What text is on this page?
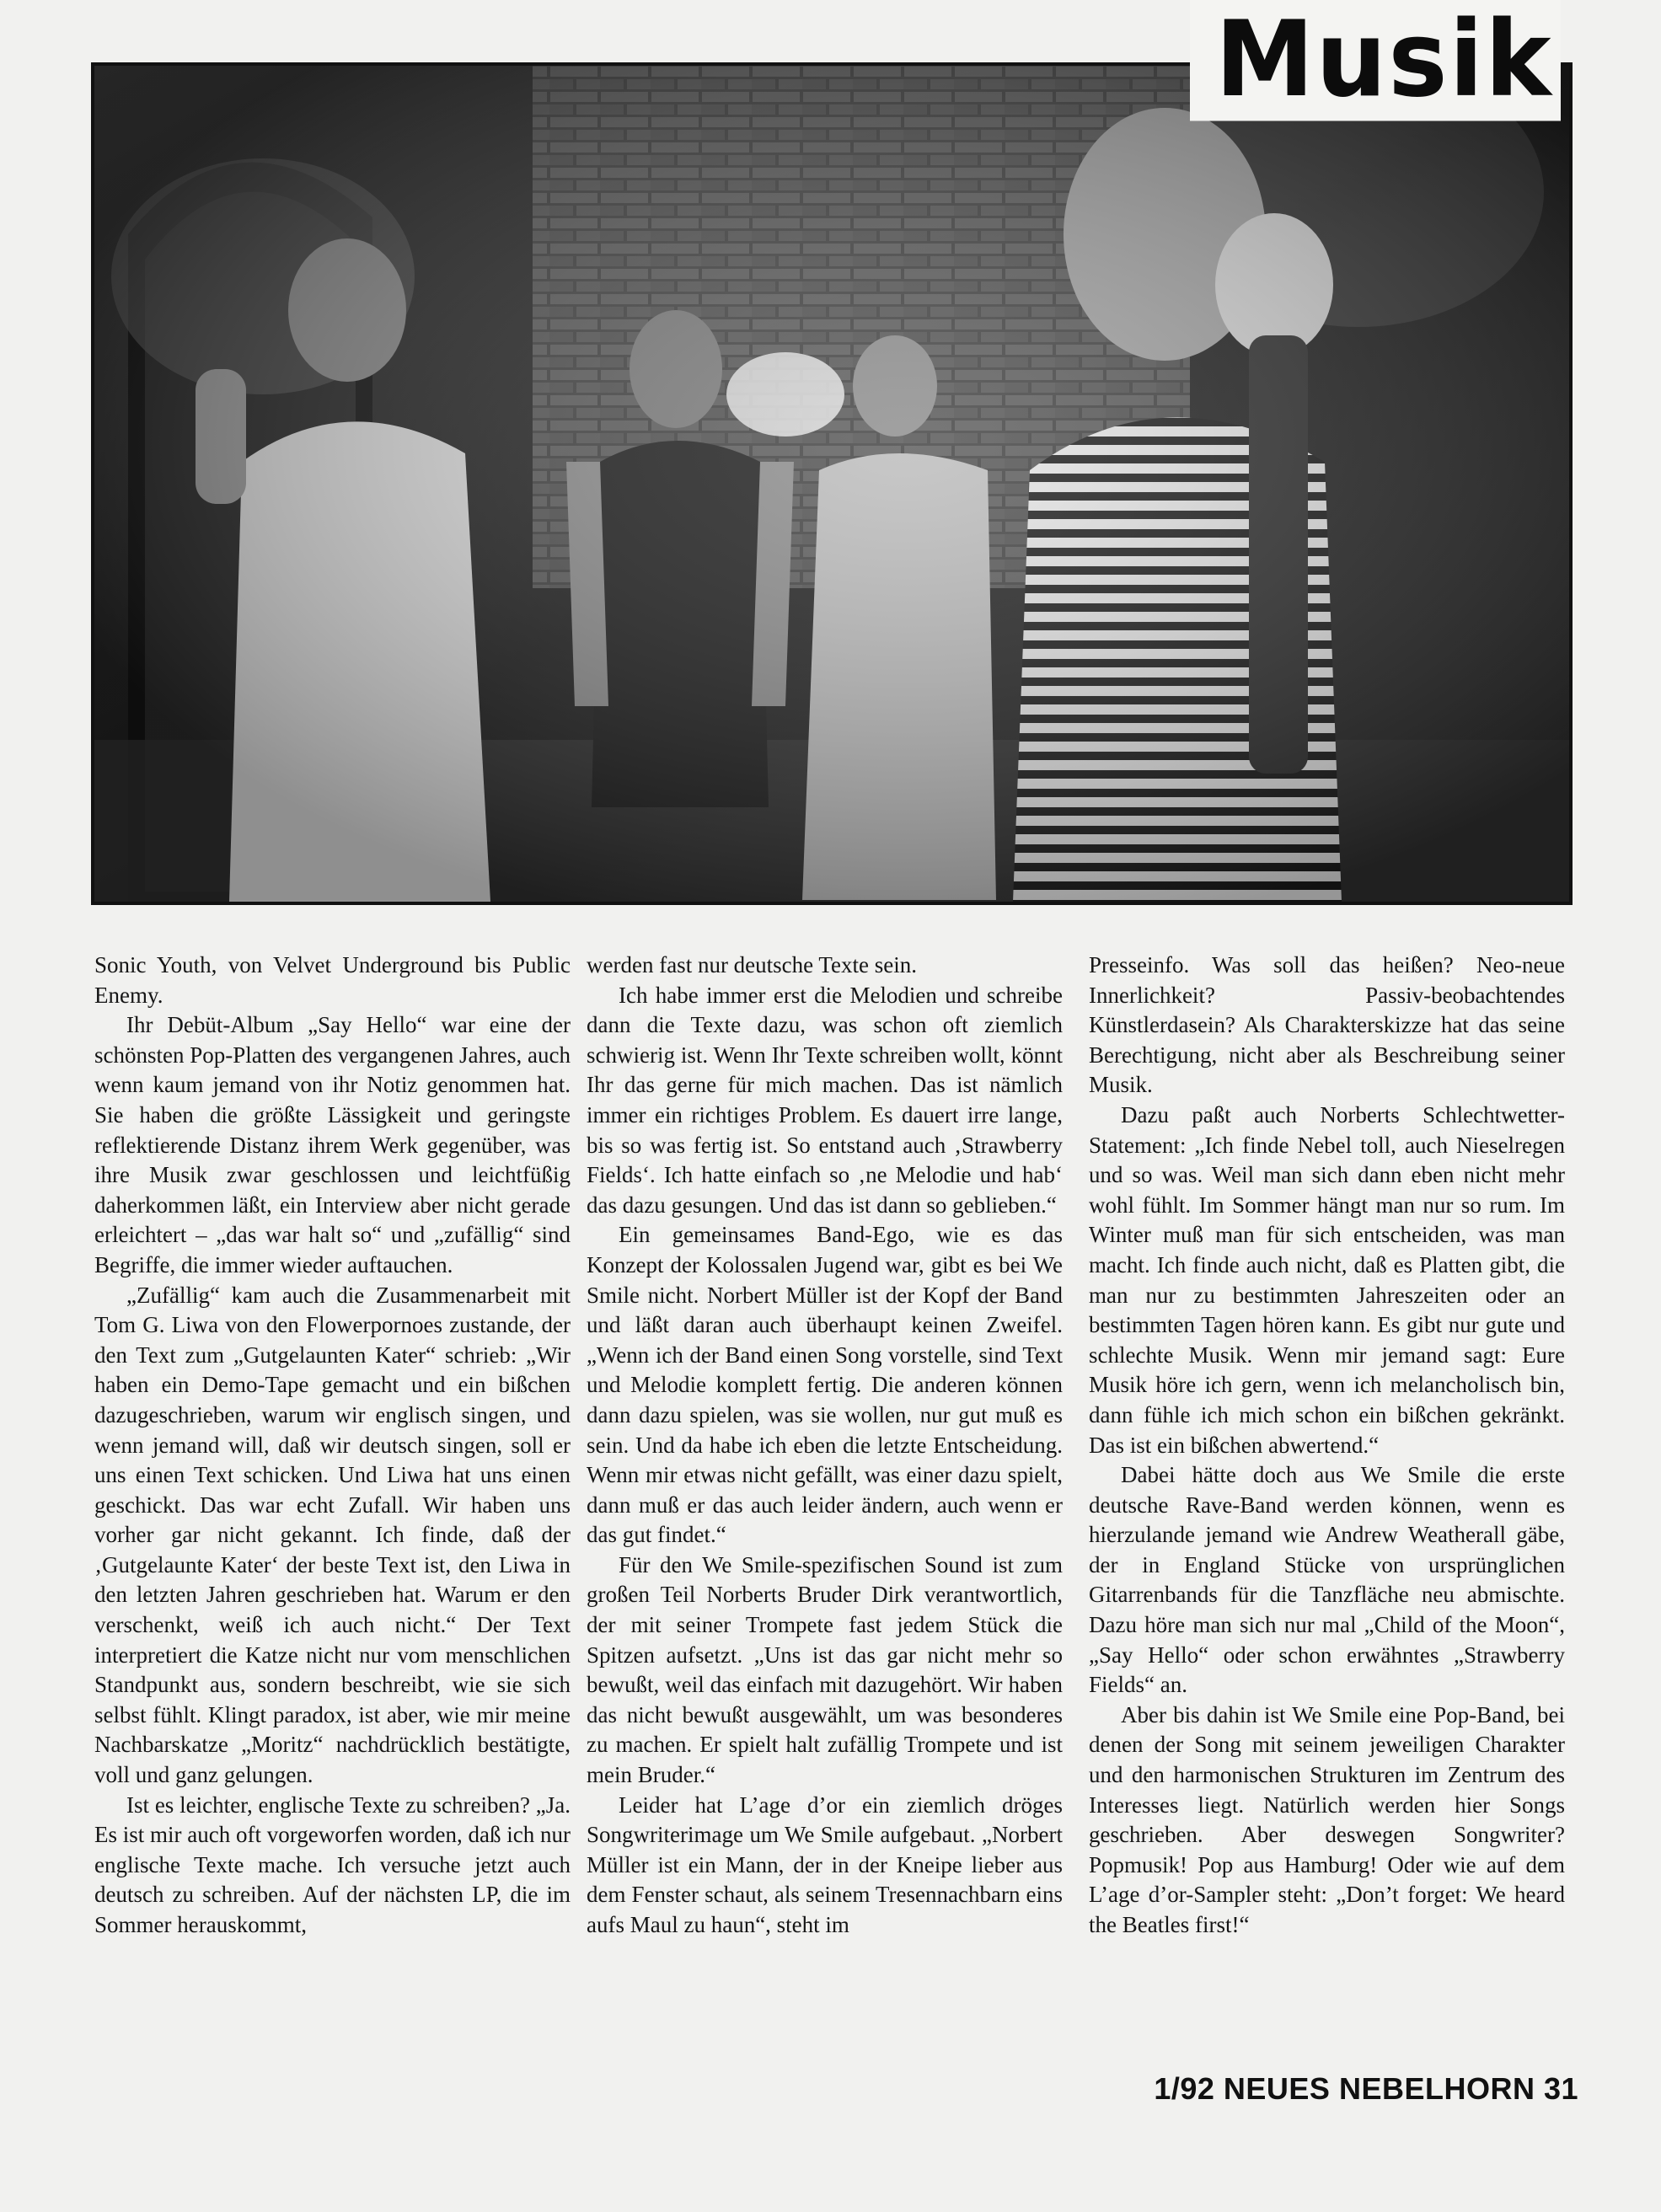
Musik

Sonic Youth, von Velvet Underground bis Public Enemy.

Ihr Debüt-Album „Say Hello“ war eine der schönsten Pop-Platten des vergangenen Jahres, auch wenn kaum jemand von ihr Notiz genommen hat. Sie haben die größte Lässigkeit und geringste reflektierende Distanz ihrem Werk gegenüber, was ihre Musik zwar geschlossen und leichtfüßig daherkommen läßt, ein Interview aber nicht gerade erleichtert – „das war halt so“ und „zufällig“ sind Begriffe, die immer wieder auftauchen.

„Zufällig“ kam auch die Zusammenarbeit mit Tom G. Liwa von den Flowerpornoes zustande, der den Text zum „Gutgelaunten Kater“ schrieb: „Wir haben ein Demo-Tape gemacht und ein bißchen dazugeschrieben, warum wir englisch singen, und wenn jemand will, daß wir deutsch singen, soll er uns einen Text schicken. Und Liwa hat uns einen geschickt. Das war echt Zufall. Wir haben uns vorher gar nicht gekannt. Ich finde, daß der ‚Gutgelaunte Kater‘ der beste Text ist, den Liwa in den letzten Jahren geschrieben hat. Warum er den verschenkt, weiß ich auch nicht.“ Der Text interpretiert die Katze nicht nur vom menschlichen Standpunkt aus, sondern beschreibt, wie sie sich selbst fühlt. Klingt paradox, ist aber, wie mir meine Nachbarskatze „Moritz“ nachdrücklich bestätigte, voll und ganz gelungen.

Ist es leichter, englische Texte zu schreiben? „Ja. Es ist mir auch oft vorgeworfen worden, daß ich nur englische Texte mache. Ich versuche jetzt auch deutsch zu schreiben. Auf der nächsten LP, die im Sommer herauskommt,

werden fast nur deutsche Texte sein.

Ich habe immer erst die Melodien und schreibe dann die Texte dazu, was schon oft ziemlich schwierig ist. Wenn Ihr Texte schreiben wollt, könnt Ihr das gerne für mich machen. Das ist nämlich immer ein richtiges Problem. Es dauert irre lange, bis so was fertig ist. So entstand auch ‚Strawberry Fields‘. Ich hatte einfach so ‚ne Melodie und hab‘ das dazu gesungen. Und das ist dann so geblieben.“

Ein gemeinsames Band-Ego, wie es das Konzept der Kolossalen Jugend war, gibt es bei We Smile nicht. Norbert Müller ist der Kopf der Band und läßt daran auch überhaupt keinen Zweifel. „Wenn ich der Band einen Song vorstelle, sind Text und Melodie komplett fertig. Die anderen können dann dazu spielen, was sie wollen, nur gut muß es sein. Und da habe ich eben die letzte Entscheidung. Wenn mir etwas nicht gefällt, was einer dazu spielt, dann muß er das auch leider ändern, auch wenn er das gut findet.“

Für den We Smile-spezifischen Sound ist zum großen Teil Norberts Bruder Dirk verantwortlich, der mit seiner Trompete fast jedem Stück die Spitzen aufsetzt. „Uns ist das gar nicht mehr so bewußt, weil das einfach mit dazugehört. Wir haben das nicht bewußt ausgewählt, um was besonderes zu machen. Er spielt halt zufällig Trompete und ist mein Bruder.“

Leider hat L’age d’or ein ziemlich dröges Songwriterimage um We Smile aufgebaut. „Norbert Müller ist ein Mann, der in der Kneipe lieber aus dem Fenster schaut, als seinem Tresennachbarn eins aufs Maul zu haun“, steht im

Presseinfo. Was soll das heißen? Neo-neue Innerlichkeit? Passiv-beobachtendes Künstlerdasein? Als Charakterskizze hat das seine Berechtigung, nicht aber als Beschreibung seiner Musik.

Dazu paßt auch Norberts Schlechtwetter-Statement: „Ich finde Nebel toll, auch Nieselregen und so was. Weil man sich dann eben nicht mehr wohl fühlt. Im Sommer hängt man nur so rum. Im Winter muß man für sich entscheiden, was man macht. Ich finde auch nicht, daß es Platten gibt, die man nur zu bestimmten Jahreszeiten oder an bestimmten Tagen hören kann. Es gibt nur gute und schlechte Musik. Wenn mir jemand sagt: Eure Musik höre ich gern, wenn ich melancholisch bin, dann fühle ich mich schon ein bißchen gekränkt. Das ist ein bißchen abwertend.“

Dabei hätte doch aus We Smile die erste deutsche Rave-Band werden können, wenn es hierzulande jemand wie Andrew Weatherall gäbe, der in England Stücke von ursprünglichen Gitarrenbands für die Tanzfläche neu abmischte. Dazu höre man sich nur mal „Child of the Moon“, „Say Hello“ oder schon erwähntes „Strawberry Fields“ an.

Aber bis dahin ist We Smile eine Pop-Band, bei denen der Song mit seinem jeweiligen Charakter und den harmonischen Strukturen im Zentrum des Interesses liegt. Natürlich werden hier Songs geschrieben. Aber deswegen Songwriter? Popmusik! Pop aus Hamburg! Oder wie auf dem L’age d’or-Sampler steht: „Don’t forget: We heard the Beatles first!“

1/92 NEUES NEBELHORN 31
